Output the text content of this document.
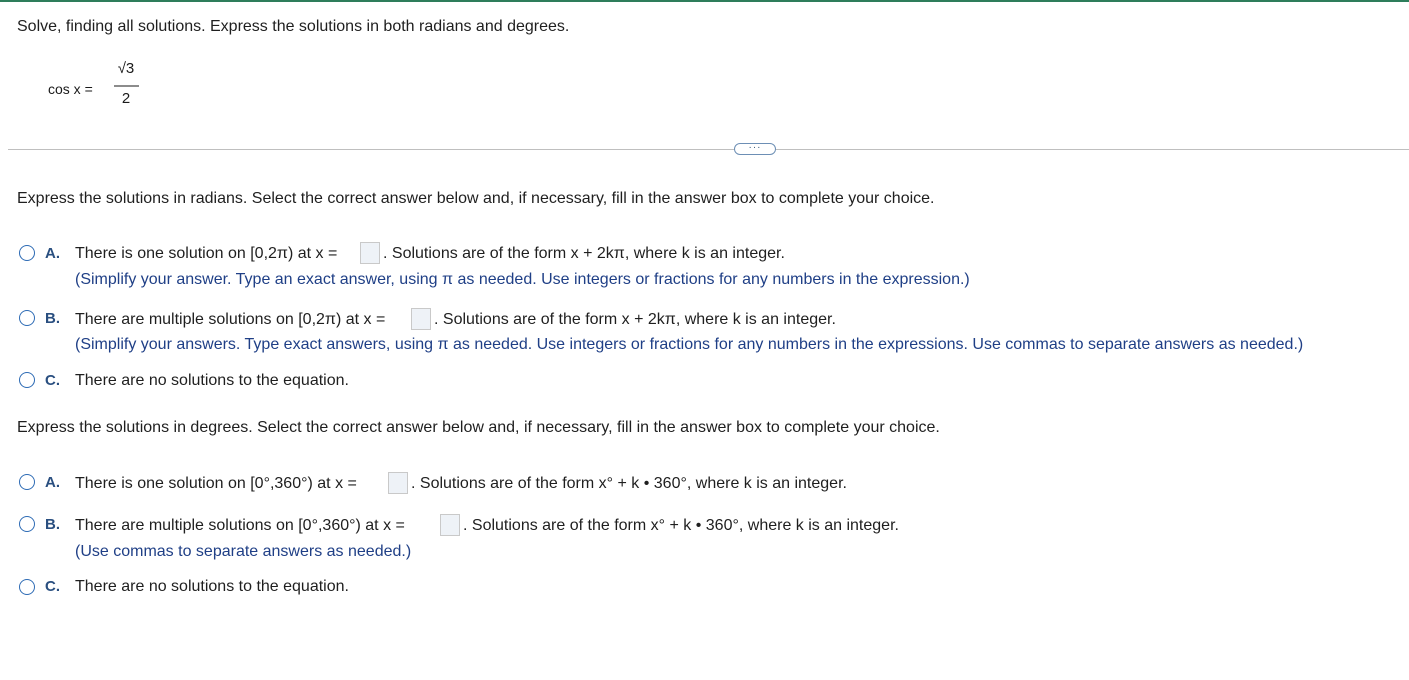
Solve, finding all solutions. Express the solutions in both radians and degrees.
cos x =
√3
2
···
Express the solutions in radians. Select the correct answer below and, if necessary, fill in the answer box to complete your choice.
A. There is one solution on [0,2π) at x =	. Solutions are of the form x + 2kπ, where k is an integer.
(Simplify your answer. Type an exact answer, using π as needed. Use integers or fractions for any numbers in the expression.)
B. There are multiple solutions on [0,2π) at x =	. Solutions are of the form x + 2kπ, where k is an integer.
(Simplify your answers. Type exact answers, using π as needed. Use integers or fractions for any numbers in the expressions. Use commas to separate answers as needed.)
C. There are no solutions to the equation.
Express the solutions in degrees. Select the correct answer below and, if necessary, fill in the answer box to complete your choice.
A. There is one solution on [0°,360°) at x =	. Solutions are of the form x° + k • 360°, where k is an integer.
B. There are multiple solutions on [0°,360°) at x =	. Solutions are of the form x° + k • 360°, where k is an integer.
(Use commas to separate answers as needed.)
C. There are no solutions to the equation.
